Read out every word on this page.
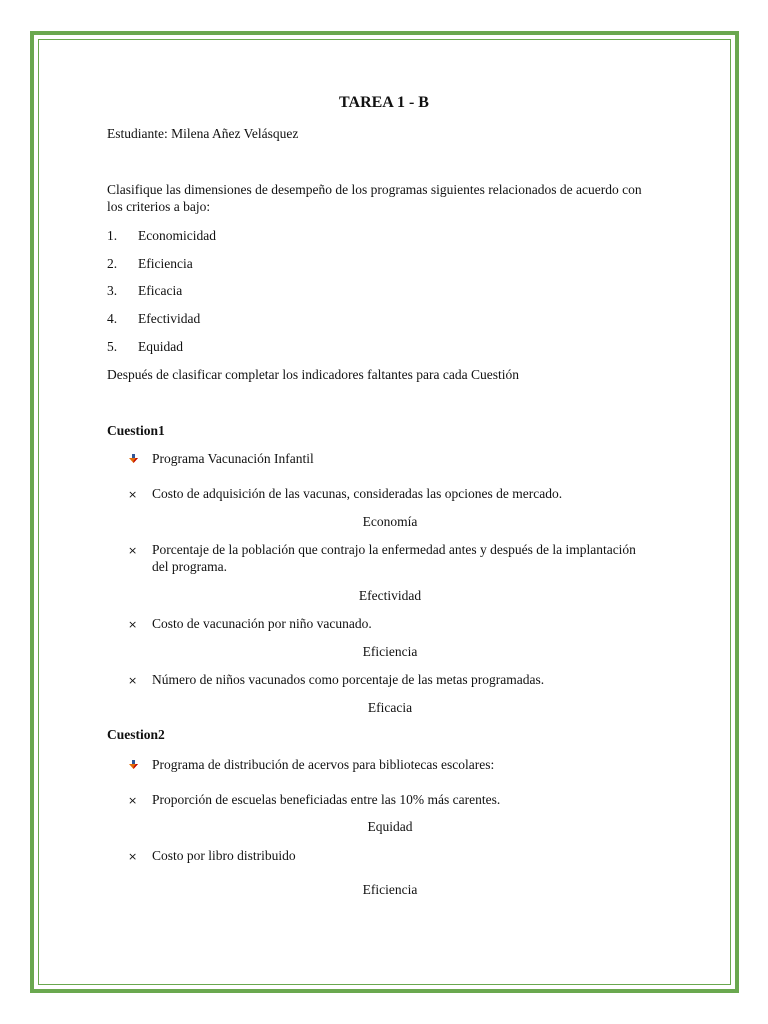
TAREA 1 - B
Estudiante: Milena Añez Velásquez
Clasifique las dimensiones de desempeño de los programas siguientes relacionados de acuerdo con
los criterios a bajo:
1. Economicidad
2. Eficiencia
3. Eficacia
4. Efectividad
5. Equidad
Después de clasificar completar los indicadores faltantes para cada Cuestión
Cuestion1
Programa Vacunación Infantil
× Costo de adquisición de las vacunas, consideradas las opciones de mercado.
Economía
× Porcentaje de la población que contrajo la enfermedad antes y después de la implantación
del programa.
Efectividad
× Costo de vacunación por niño vacunado.
Eficiencia
× Número de niños vacunados como porcentaje de las metas programadas.
Eficacia
Cuestion2
Programa de distribución de acervos para bibliotecas escolares:
× Proporción de escuelas beneficiadas entre las 10% más carentes.
Equidad
× Costo por libro distribuido
Eficiencia
